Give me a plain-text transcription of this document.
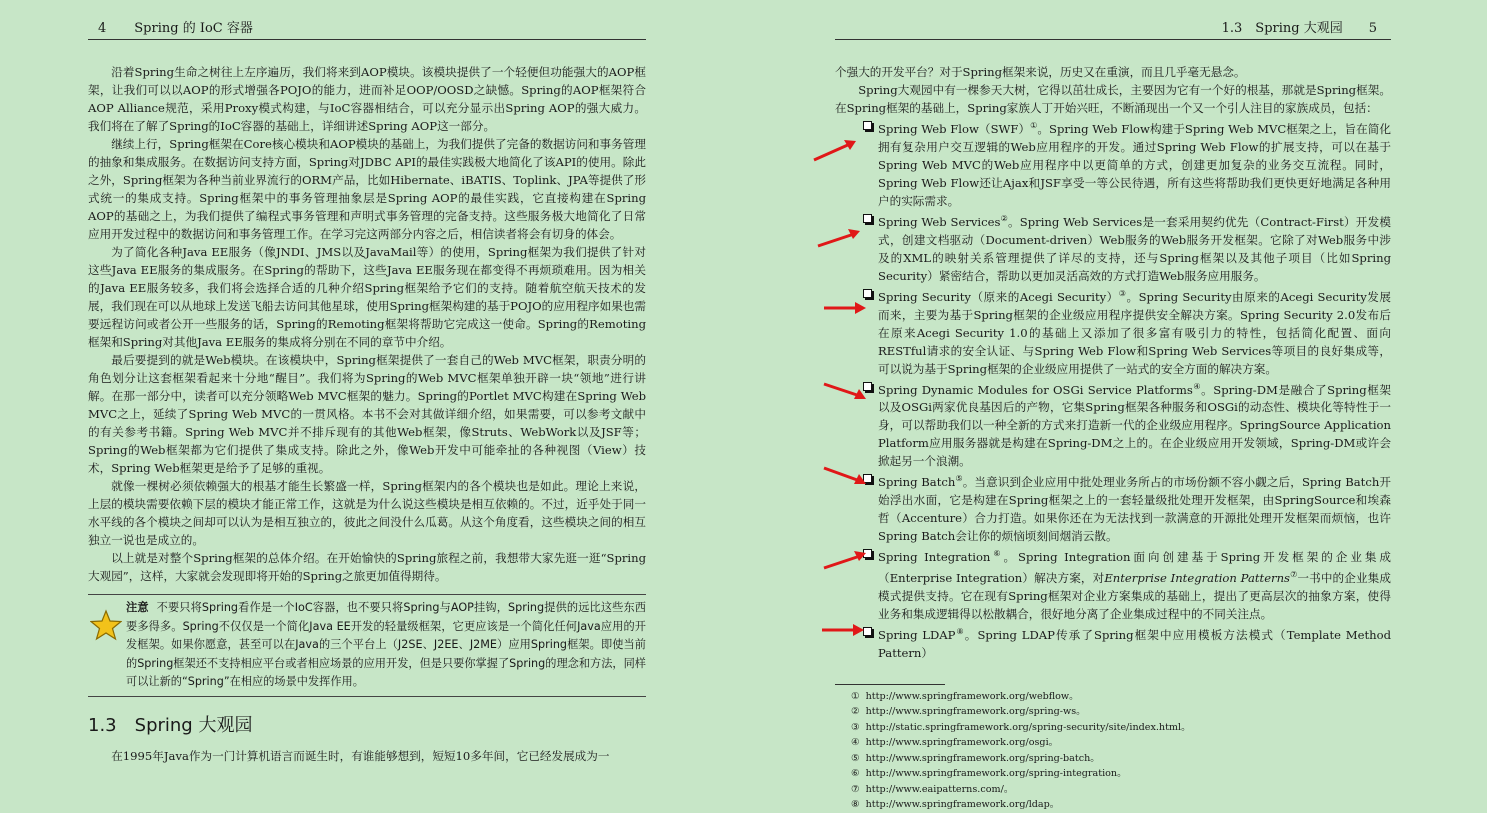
4 Spring 的 IoC 容器

沿着Spring生命之树往上左序遍历，我们将来到AOP模块。该模块提供了一个轻便但功能强大的AOP框架，让我们可以以AOP的形式增强各POJO的能力，进而补足OOP/OOSD之缺憾。Spring的AOP框架符合AOP Alliance规范，采用Proxy模式构建，与IoC容器相结合，可以充分显示出Spring AOP的强大威力。我们将在了解了Spring的IoC容器的基础上，详细讲述Spring AOP这一部分。

继续上行，Spring框架在Core核心模块和AOP模块的基础上，为我们提供了完备的数据访问和事务管理的抽象和集成服务。在数据访问支持方面，Spring对JDBC API的最佳实践极大地简化了该API的使用。除此之外，Spring框架为各种当前业界流行的ORM产品，比如Hibernate、iBATIS、Toplink、JPA等提供了形式统一的集成支持。Spring框架中的事务管理抽象层是Spring AOP的最佳实践，它直接构建在Spring AOP的基础之上，为我们提供了编程式事务管理和声明式事务管理的完备支持。这些服务极大地简化了日常应用开发过程中的数据访问和事务管理工作。在学习完这两部分内容之后，相信读者将会有切身的体会。

为了简化各种Java EE服务（像JNDI、JMS以及JavaMail等）的使用，Spring框架为我们提供了针对这些Java EE服务的集成服务。在Spring的帮助下，这些Java EE服务现在都变得不再烦琐难用。因为相关的Java EE服务较多，我们将会选择合适的几种介绍Spring框架给予它们的支持。随着航空航天技术的发展，我们现在可以从地球上发送飞船去访问其他星球，使用Spring框架构建的基于POJO的应用程序如果也需要远程访问或者公开一些服务的话，Spring的Remoting框架将帮助它完成这一使命。Spring的Remoting框架和Spring对其他Java EE服务的集成将分别在不同的章节中介绍。

最后要提到的就是Web模块。在该模块中，Spring框架提供了一套自己的Web MVC框架，职责分明的角色划分让这套框架看起来十分地“醒目”。我们将为Spring的Web MVC框架单独开辟一块“领地”进行讲解。在那一部分中，读者可以充分领略Web MVC框架的魅力。Spring的Portlet MVC构建在Spring Web MVC之上，延续了Spring Web MVC的一贯风格。本书不会对其做详细介绍，如果需要，可以参考文献中的有关参考书籍。Spring Web MVC并不排斥现有的其他Web框架，像Struts、WebWork以及JSF等；Spring的Web框架都为它们提供了集成支持。除此之外，像Web开发中可能牵扯的各种视图（View）技术，Spring Web框架更是给予了足够的重视。

就像一棵树必须依赖强大的根基才能生长繁盛一样，Spring框架内的各个模块也是如此。理论上来说，上层的模块需要依赖下层的模块才能正常工作，这就是为什么说这些模块是相互依赖的。不过，近乎处于同一水平线的各个模块之间却可以认为是相互独立的，彼此之间没什么瓜葛。从这个角度看，这些模块之间的相互独立一说也是成立的。

以上就是对整个Spring框架的总体介绍。在开始愉快的Spring旅程之前，我想带大家先逛一逛“Spring大观园”，这样，大家就会发现即将开始的Spring之旅更加值得期待。

注意 不要只将Spring看作是一个IoC容器，也不要只将Spring与AOP挂钩，Spring提供的远比这些东西要多得多。Spring不仅仅是一个简化Java EE开发的轻量级框架，它更应该是一个简化任何Java应用的开发框架。如果你愿意，甚至可以在Java的三个平台上（J2SE、J2EE、J2ME）应用Spring框架。即使当前的Spring框架还不支持相应平台或者相应场景的应用开发，但是只要你掌握了Spring的理念和方法，同样可以让新的“Spring”在相应的场景中发挥作用。
1.3 Spring 大观园

在1995年Java作为一门计算机语言而诞生时，有谁能够想到，短短10多年间，它已经发展成为一

1.3　Spring 大观园 5

个强大的开发平台？对于Spring框架来说，历史又在重演，而且几乎毫无悬念。

Spring大观园中有一棵参天大树，它得以茁壮成长，主要因为它有一个好的根基，那就是Spring框架。在Spring框架的基础上，Spring家族人丁开始兴旺，不断涌现出一个又一个引人注目的家族成员，包括：

Spring Web Flow（SWF）①。Spring Web Flow构建于Spring Web MVC框架之上，旨在简化拥有复杂用户交互逻辑的Web应用程序的开发。通过Spring Web Flow的扩展支持，可以在基于Spring Web MVC的Web应用程序中以更简单的方式，创建更加复杂的业务交互流程。同时，Spring Web Flow还让Ajax和JSF享受一等公民待遇，所有这些将帮助我们更快更好地满足各种用户的实际需求。
Spring Web Services②。Spring Web Services是一套采用契约优先（Contract-First）开发模式，创建文档驱动（Document-driven）Web服务的Web服务开发框架。它除了对Web服务中涉及的XML的映射关系管理提供了详尽的支持，还与Spring框架以及其他子项目（比如Spring Security）紧密结合，帮助以更加灵活高效的方式打造Web服务应用服务。
Spring Security（原来的Acegi Security）③。Spring Security由原来的Acegi Security发展而来，主要为基于Spring框架的企业级应用程序提供安全解决方案。Spring Security 2.0发布后在原来Acegi Security 1.0的基础上又添加了很多富有吸引力的特性，包括简化配置、面向RESTful请求的安全认证、与Spring Web Flow和Spring Web Services等项目的良好集成等，可以说为基于Spring框架的企业级应用提供了一站式的安全方面的解决方案。
Spring Dynamic Modules for OSGi Service Platforms④。Spring-DM是融合了Spring框架以及OSGi两家优良基因后的产物，它集Spring框架各种服务和OSGi的动态性、模块化等特性于一身，可以帮助我们以一种全新的方式来打造新一代的企业级应用程序。SpringSource Application Platform应用服务器就是构建在Spring-DM之上的。在企业级应用开发领域，Spring-DM或许会掀起另一个浪潮。
Spring Batch⑤。当意识到企业应用中批处理业务所占的市场份额不容小觑之后，Spring Batch开始浮出水面，它是构建在Spring框架之上的一套轻量级批处理开发框架，由SpringSource和埃森哲（Accenture）合力打造。如果你还在为无法找到一款满意的开源批处理开发框架而烦恼，也许Spring Batch会让你的烦恼顷刻间烟消云散。
Spring Integration⑥。Spring Integration面向创建基于Spring开发框架的企业集成（Enterprise Integration）解决方案，对Enterprise Integration Patterns⑦一书中的企业集成模式提供支持。它在现有Spring框架对企业方案集成的基础上，提出了更高层次的抽象方案，使得业务和集成逻辑得以松散耦合，很好地分离了企业集成过程中的不同关注点。
Spring LDAP⑧。Spring LDAP传承了Spring框架中应用模板方法模式（Template Method Pattern）
① http://www.springframework.org/webflow。
② http://www.springframework.org/spring-ws。
③ http://static.springframework.org/spring-security/site/index.html。
④ http://www.springframework.org/osgi。
⑤ http://www.springframework.org/spring-batch。
⑥ http://www.springframework.org/spring-integration。
⑦ http://www.eaipatterns.com/。
⑧ http://www.springframework.org/ldap。
